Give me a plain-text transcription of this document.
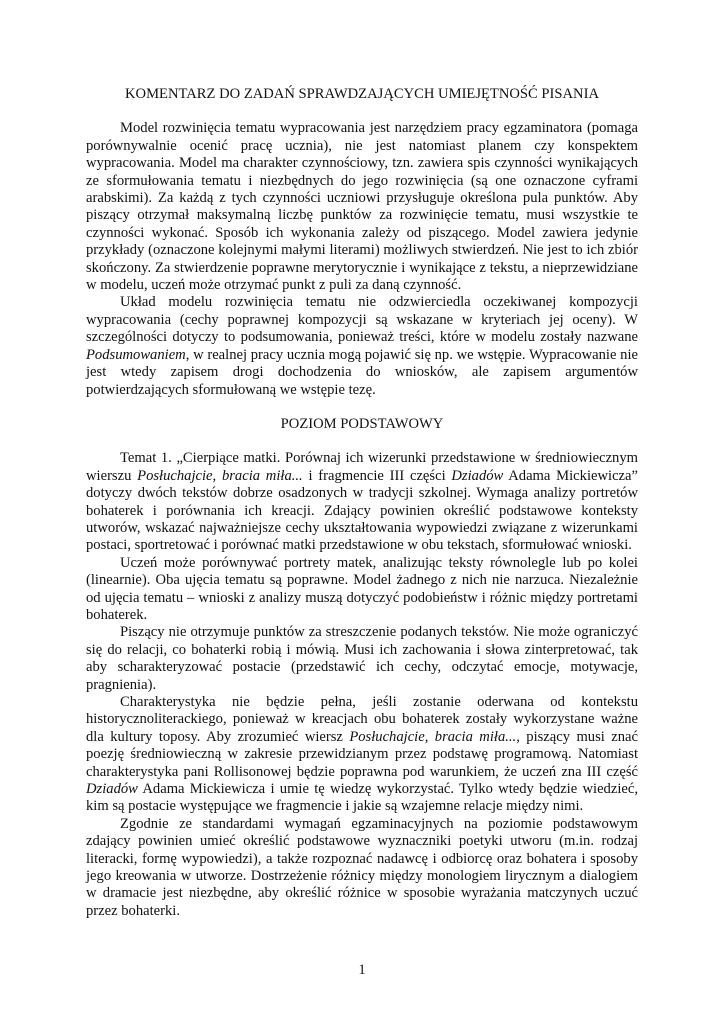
KOMENTARZ DO ZADAŃ SPRAWDZAJĄCYCH UMIEJĘTNOŚĆ PISANIA

Model rozwinięcia tematu wypracowania jest narzędziem pracy egzaminatora (pomaga porównywalnie ocenić pracę ucznia), nie jest natomiast planem czy konspektem wypracowania. Model ma charakter czynnościowy, tzn. zawiera spis czynności wynikających ze sformułowania tematu i niezbędnych do jego rozwinięcia (są one oznaczone cyframi arabskimi). Za każdą z tych czynności uczniowi przysługuje określona pula punktów. Aby piszący otrzymał maksymalną liczbę punktów za rozwinięcie tematu, musi wszystkie te czynności wykonać. Sposób ich wykonania zależy od piszącego. Model zawiera jedynie przykłady (oznaczone kolejnymi małymi literami) możliwych stwierdzeń. Nie jest to ich zbiór skończony. Za stwierdzenie poprawne merytorycznie i wynikające z tekstu, a nieprzewidziane w modelu, uczeń może otrzymać punkt z puli za daną czynność.

Układ modelu rozwinięcia tematu nie odzwierciedla oczekiwanej kompozycji wypracowania (cechy poprawnej kompozycji są wskazane w kryteriach jej oceny). W szczególności dotyczy to podsumowania, ponieważ treści, które w modelu zostały nazwane Podsumowaniem, w realnej pracy ucznia mogą pojawić się np. we wstępie. Wypracowanie nie jest wtedy zapisem drogi dochodzenia do wniosków, ale zapisem argumentów potwierdzających sformułowaną we wstępie tezę.

POZIOM PODSTAWOWY

Temat 1. „Cierpiące matki. Porównaj ich wizerunki przedstawione w średniowiecznym wierszu Posłuchajcie, bracia miła... i fragmencie III części Dziadów Adama Mickiewicza” dotyczy dwóch tekstów dobrze osadzonych w tradycji szkolnej. Wymaga analizy portretów bohaterek i porównania ich kreacji. Zdający powinien określić podstawowe konteksty utworów, wskazać najważniejsze cechy ukształtowania wypowiedzi związane z wizerunkami postaci, sportretować i porównać matki przedstawione w obu tekstach, sformułować wnioski.

Uczeń może porównywać portrety matek, analizując teksty równolegle lub po kolei (linearnie). Oba ujęcia tematu są poprawne. Model żadnego z nich nie narzuca. Niezależnie od ujęcia tematu – wnioski z analizy muszą dotyczyć podobieństw i różnic między portretami bohaterek.

Piszący nie otrzymuje punktów za streszczenie podanych tekstów. Nie może ograniczyć się do relacji, co bohaterki robią i mówią. Musi ich zachowania i słowa zinterpretować, tak aby scharakteryzować postacie (przedstawić ich cechy, odczytać emocje, motywacje, pragnienia).

Charakterystyka nie będzie pełna, jeśli zostanie oderwana od kontekstu historycznoliterackiego, ponieważ w kreacjach obu bohaterek zostały wykorzystane ważne dla kultury toposy. Aby zrozumieć wiersz Posłuchajcie, bracia miła..., piszący musi znać poezję średniowieczną w zakresie przewidzianym przez podstawę programową. Natomiast charakterystyka pani Rollisonowej będzie poprawna pod warunkiem, że uczeń zna III część Dziadów Adama Mickiewicza i umie tę wiedzę wykorzystać. Tylko wtedy będzie wiedzieć, kim są postacie występujące we fragmencie i jakie są wzajemne relacje między nimi.

Zgodnie ze standardami wymagań egzaminacyjnych na poziomie podstawowym zdający powinien umieć określić podstawowe wyznaczniki poetyki utworu (m.in. rodzaj literacki, formę wypowiedzi), a także rozpoznać nadawcę i odbiorcę oraz bohatera i sposoby jego kreowania w utworze. Dostrzeżenie różnicy między monologiem lirycznym a dialogiem w dramacie jest niezbędne, aby określić różnice w sposobie wyrażania matczynych uczuć przez bohaterki.

1
